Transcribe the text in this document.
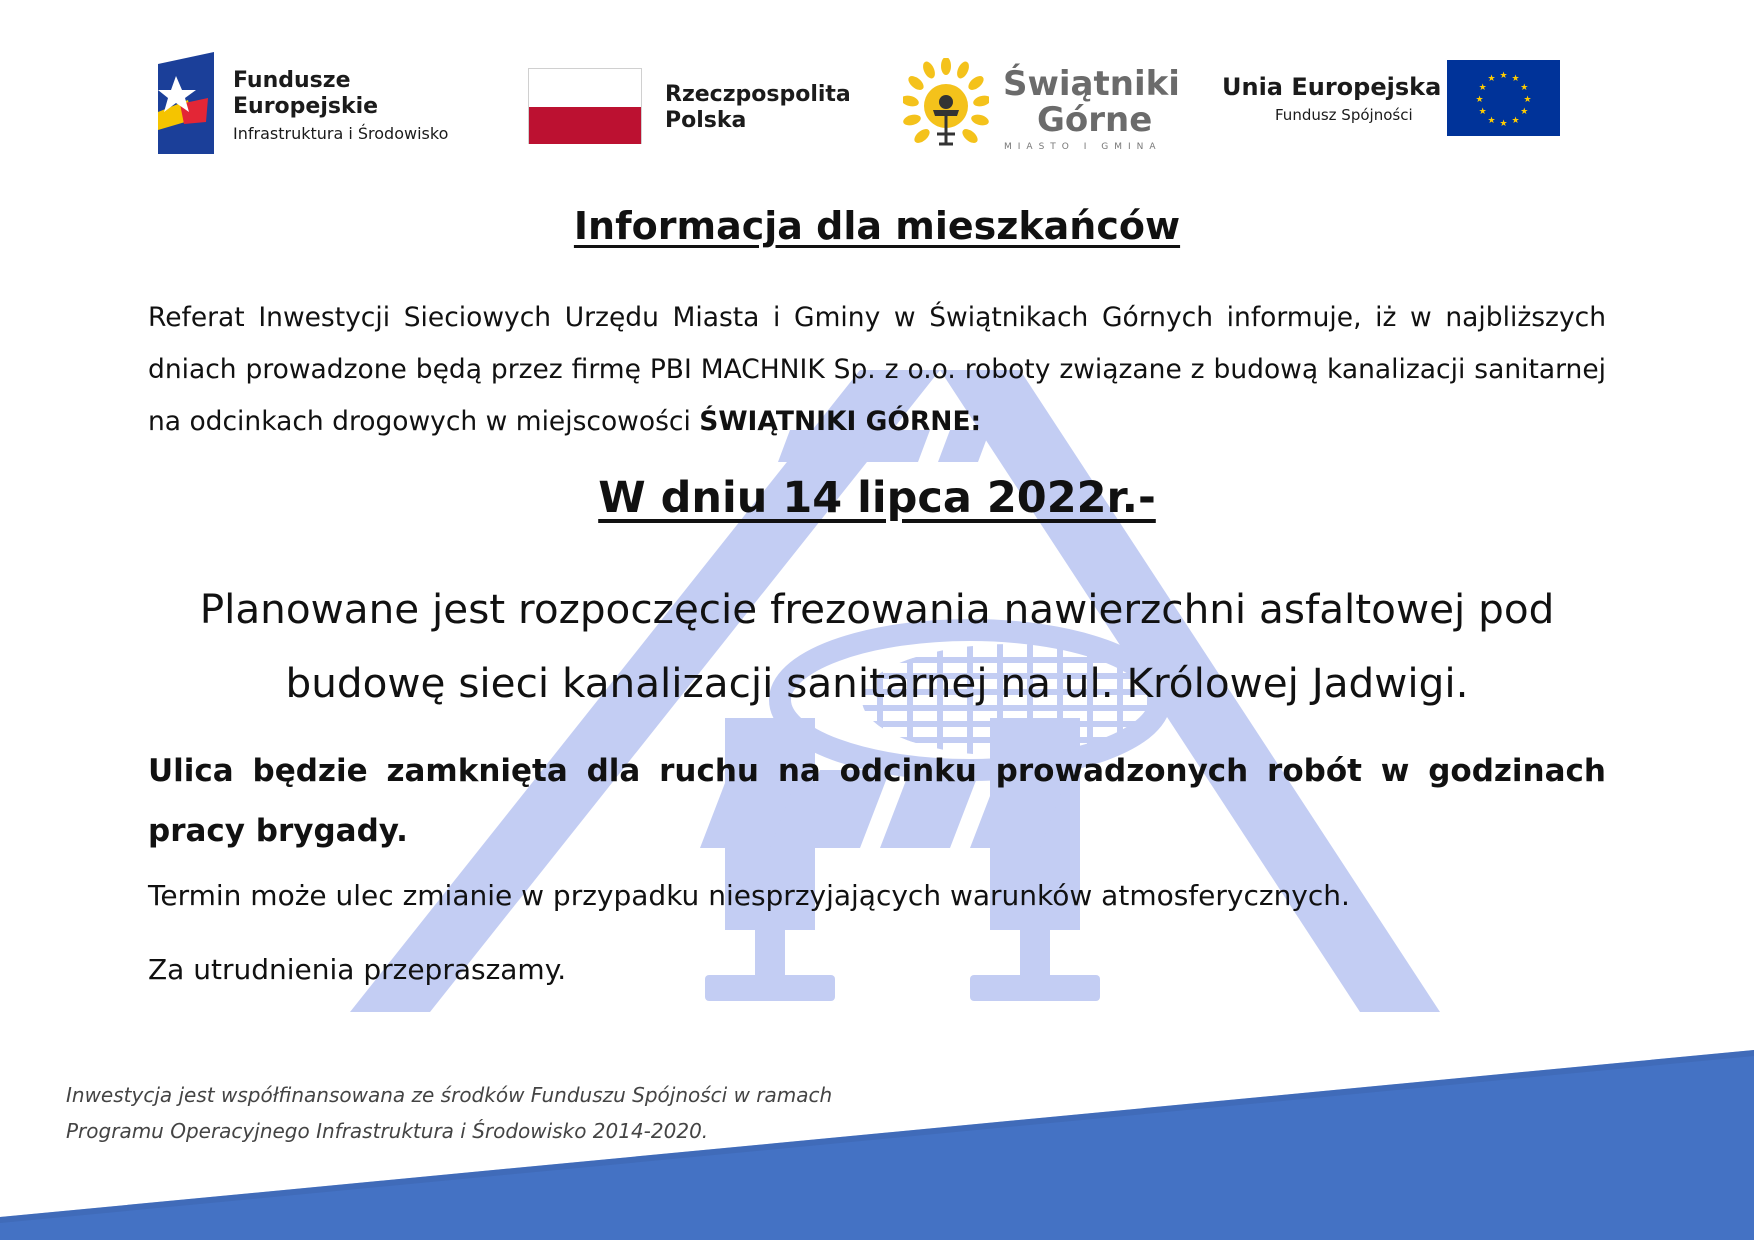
Fundusze
Europejskie
Infrastruktura i Środowisko
Rzeczpospolita
Polska
Świątniki
Górne
MIASTO I GMINA
Unia Europejska
Fundusz Spójności
★ ★
★
★
★
★
★
★
★
★
★
★
Informacja dla mieszkańców
Referat Inwestycji Sieciowych Urzędu Miasta i Gminy w Świątnikach Górnych informuje, iż w najbliższych dniach prowadzone będą przez firmę PBI MACHNIK Sp. z o.o. roboty związane z budową kanalizacji sanitarnej na odcinkach drogowych w miejscowości ŚWIĄTNIKI GÓRNE:
W dniu 14 lipca 2022r.-
Planowane jest rozpoczęcie frezowania nawierzchni asfaltowej pod budowę sieci kanalizacji sanitarnej na ul. Królowej Jadwigi.
Ulica będzie zamknięta dla ruchu na odcinku prowadzonych robót w godzinach pracy brygady.
Termin może ulec zmianie w przypadku niesprzyjających warunków atmosferycznych.
Za utrudnienia przepraszamy.
Inwestycja jest współfinansowana ze środków Funduszu Spójności w ramach
Programu Operacyjnego Infrastruktura i Środowisko 2014-2020.
